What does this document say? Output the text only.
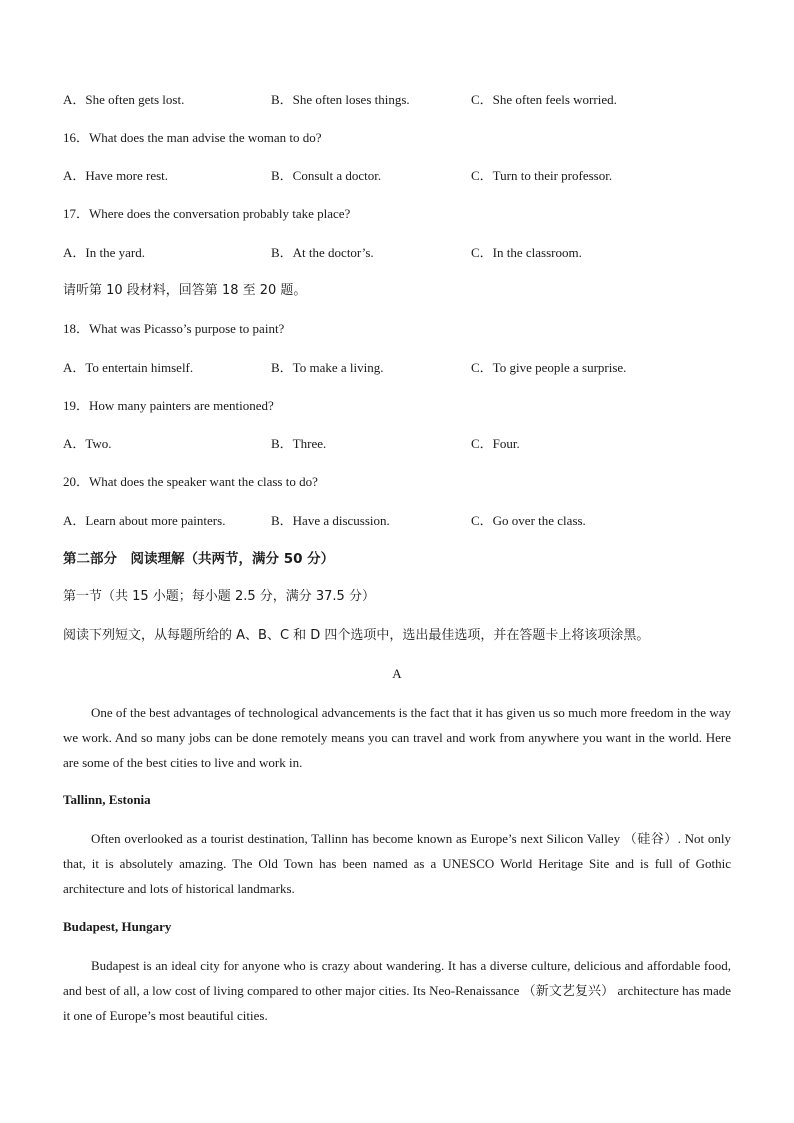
A．She often gets lost.	B．She often loses things.	C．She often feels worried.
16．What does the man advise the woman to do?
A．Have more rest.	B．Consult a doctor.	C．Turn to their professor.
17．Where does the conversation probably take place?
A．In the yard.	B．At the doctor’s.	C．In the classroom.
请听第 10 段材料，回答第 18 至 20 题。
18．What was Picasso’s purpose to paint?
A．To entertain himself.	B．To make a living.	C．To give people a surprise.
19．How many painters are mentioned?
A．Two.	B．Three.	C．Four.
20．What does the speaker want the class to do?
A．Learn about more painters.	B．Have a discussion.	C．Go over the class.
第二部分　阅读理解（共两节，满分 50 分）
第一节（共 15 小题；每小题 2.5 分，满分 37.5 分）
阅读下列短文，从每题所给的 A、B、C 和 D 四个选项中，选出最佳选项，并在答题卡上将该项涂黑。
A
One of the best advantages of technological advancements is the fact that it has given us so much more freedom in the way we work. And so many jobs can be done remotely means you can travel and work from anywhere you want in the world. Here are some of the best cities to live and work in.
Tallinn, Estonia
Often overlooked as a tourist destination, Tallinn has become known as Europe’s next Silicon Valley （硅谷）. Not only that, it is absolutely amazing. The Old Town has been named as a UNESCO World Heritage Site and is full of Gothic architecture and lots of historical landmarks.
Budapest, Hungary
Budapest is an ideal city for anyone who is crazy about wandering. It has a diverse culture, delicious and affordable food, and best of all, a low cost of living compared to other major cities. Its Neo-Renaissance （新文艺复兴） architecture has made it one of Europe’s most beautiful cities.
